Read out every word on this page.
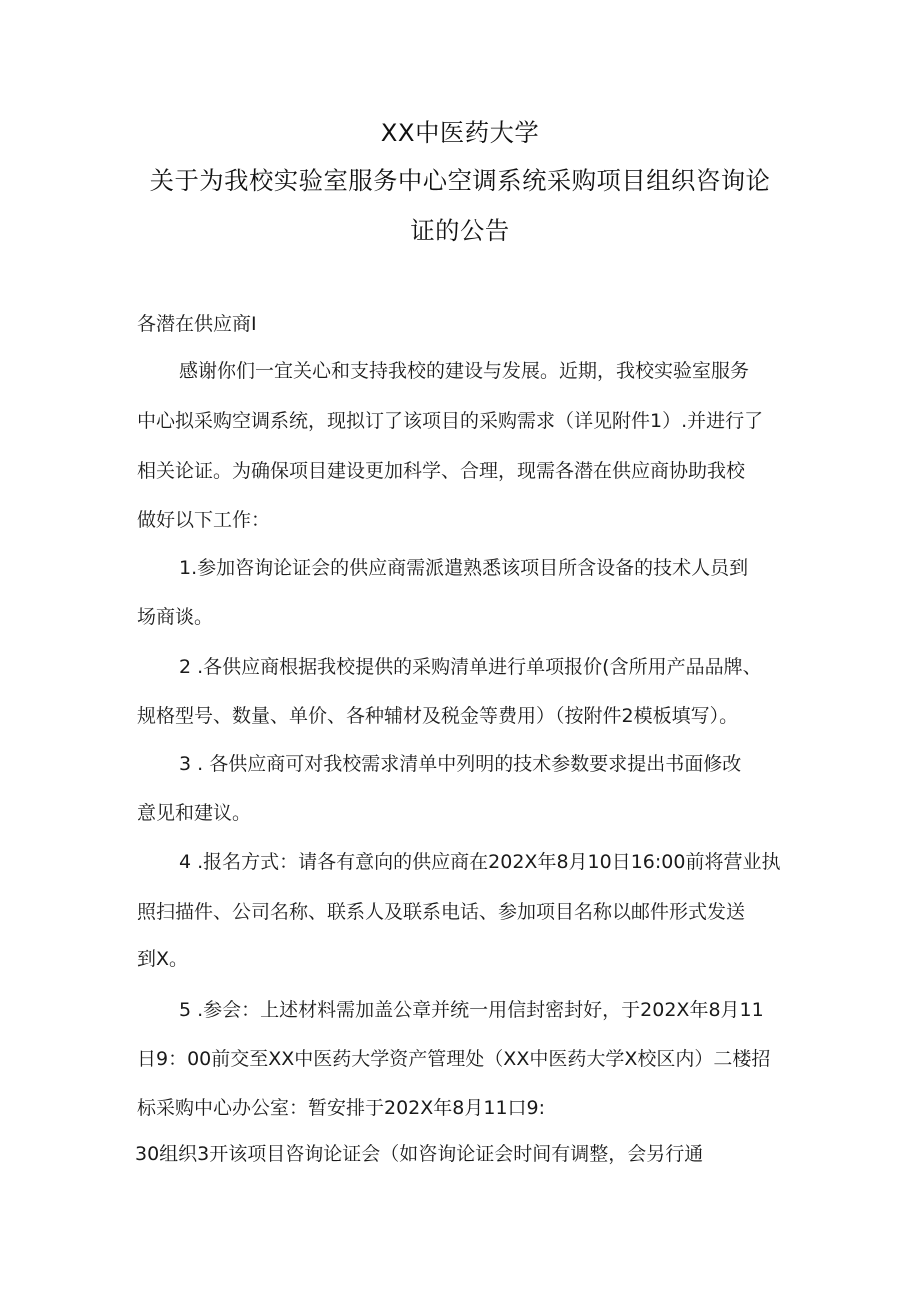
XX中医药大学
关于为我校实验室服务中心空调系统采购项目组织咨询论
证的公告
各潜在供应商I
感谢你们一宜关心和支持我校的建设与发展。近期，我校实验室服务
中心拟采购空调系统，现拟订了该项目的采购需求（详见附件1）.并进行了
相关论证。为确保项目建设更加科学、合理，现需各潜在供应商协助我校
做好以下工作：
1.参加咨询论证会的供应商需派遣熟悉该项目所含设备的技术人员到
场商谈。
2 .各供应商根据我校提供的采购清单进行单项报价(含所用产品品牌、
规格型号、数量、单价、各种辅材及税金等费用）（按附件2模板填写）。
3 . 各供应商可对我校需求清单中列明的技术参数要求提出书面修改
意见和建议。
4 .报名方式：请各有意向的供应商在202X年8月10日16:00前将营业执
照扫描件、公司名称、联系人及联系电话、参加项目名称以邮件形式发送
到X。
5 .参会：上述材料需加盖公章并统一用信封密封好，于202X年8月11
日9：00前交至XX中医药大学资产管理处（XX中医药大学X校区内）二楼招
标采购中心办公室：暂安排于202X年8月11口9:
30组织3开该项目咨询论证会（如咨询论证会时间有调整，会另行通
